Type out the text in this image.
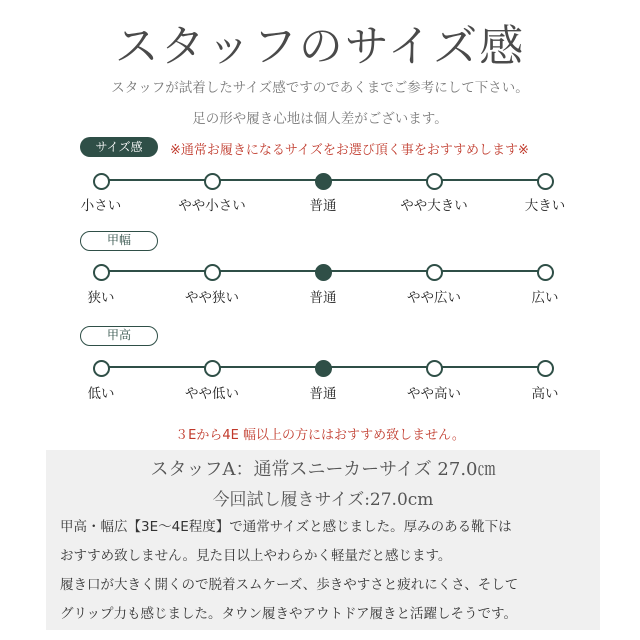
スタッフのサイズ感
スタッフが試着したサイズ感ですのであくまでご参考にして下さい。
足の形や履き心地は個人差がございます。
サイズ感	※通常お履きになるサイズをお選び頂く事をおすすめします※
小さい	やや小さい	普通	やや大きい	大きい
甲幅
狭い	やや狭い	普通	やや広い	広い
甲高
低い	やや低い	普通	やや高い	高い
３Eから4E 幅以上の方にはおすすめ致しません。
スタッフA：通常スニーカーサイズ 27.0㎝
今回試し履きサイズ:27.0cm
甲高・幅広【3E～4E程度】で通常サイズと感じました。厚みのある靴下は
おすすめ致しません。見た目以上やわらかく軽量だと感じます。
履き口が大きく開くので脱着スムケーズ、歩きやすさと疲れにくさ、そして
グリップ力も感じました。タウン履きやアウトドア履きと活躍しそうです。
